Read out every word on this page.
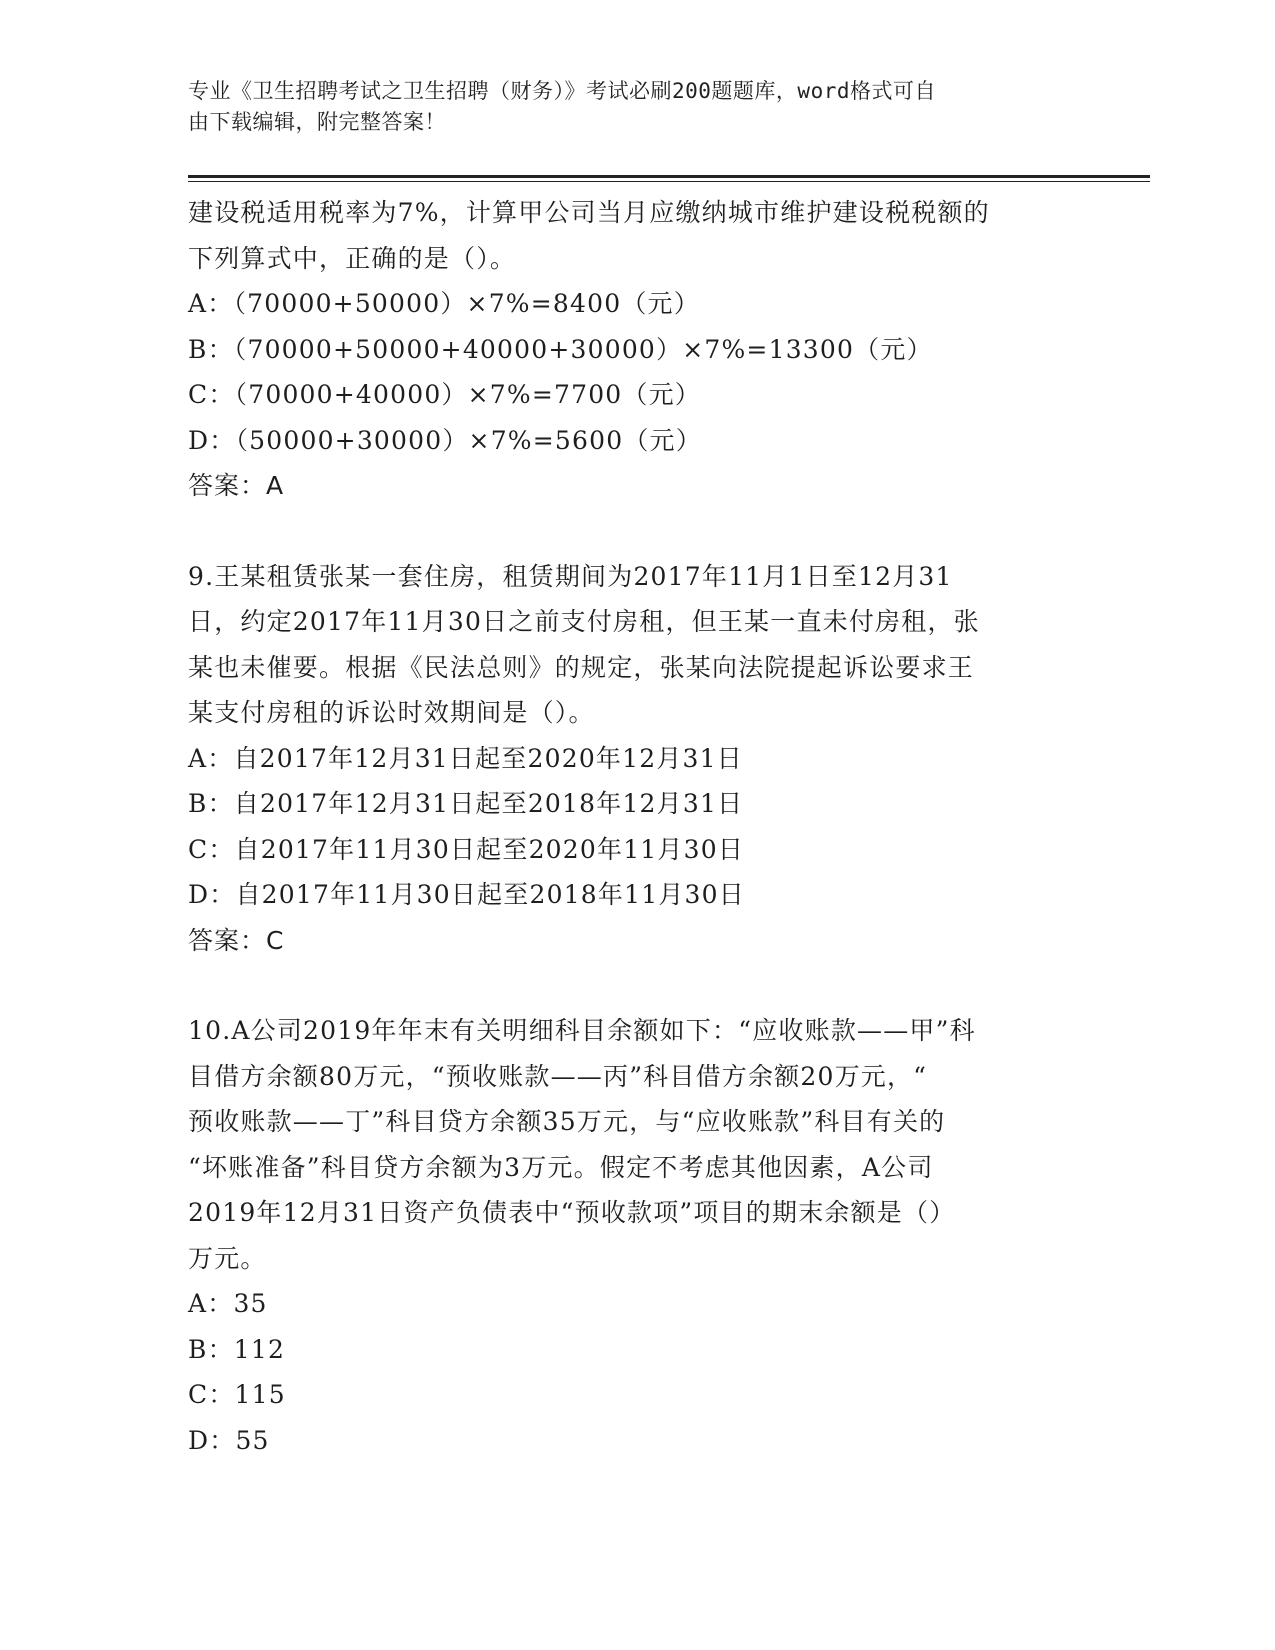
专业《卫生招聘考试之卫生招聘（财务）》考试必刷200题题库，word格式可自
由下载编辑，附完整答案！
建设税适用税率为7%，计算甲公司当月应缴纳城市维护建设税税额的
下列算式中，正确的是（）。
A：（70000+50000）×7%=8400（元）
B：（70000+50000+40000+30000）×7%=13300（元）
C：（70000+40000）×7%=7700（元）
D：（50000+30000）×7%=5600（元）
答案：A
9.王某租赁张某一套住房，租赁期间为2017年11月1日至12月31
日，约定2017年11月30日之前支付房租，但王某一直未付房租，张
某也未催要。根据《民法总则》的规定，张某向法院提起诉讼要求王
某支付房租的诉讼时效期间是（）。
A：自2017年12月31日起至2020年12月31日
B：自2017年12月31日起至2018年12月31日
C：自2017年11月30日起至2020年11月30日
D：自2017年11月30日起至2018年11月30日
答案：C
10.A公司2019年年末有关明细科目余额如下：“应收账款——甲”科
目借方余额80万元，“预收账款——丙”科目借方余额20万元，“
预收账款——丁”科目贷方余额35万元，与“应收账款”科目有关的
“坏账准备”科目贷方余额为3万元。假定不考虑其他因素，A公司
2019年12月31日资产负债表中“预收款项”项目的期末余额是（）
万元。
A：35
B：112
C：115
D：55
